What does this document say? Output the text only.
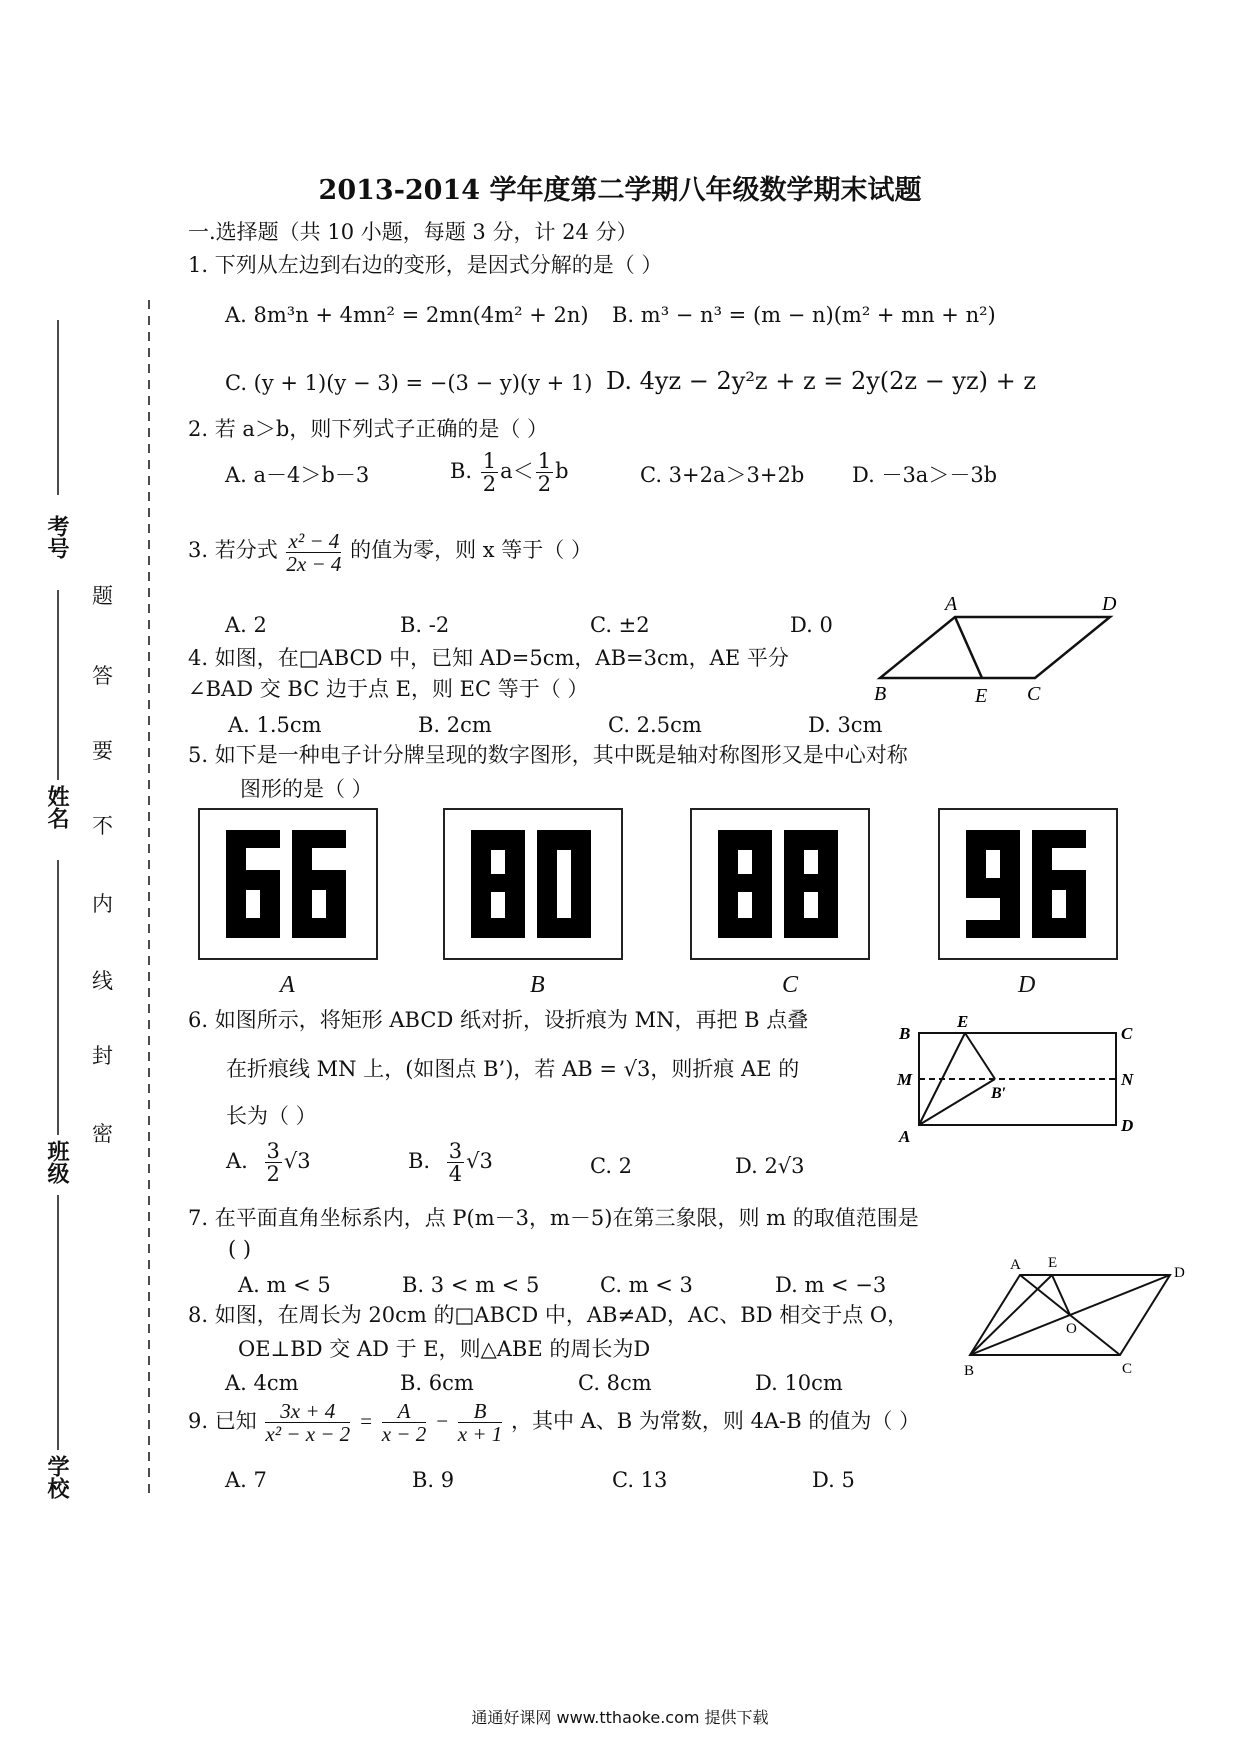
2013-2014 学年度第二学期八年级数学期末试题
一.选择题（共 10 小题，每题 3 分，计 24 分）
考号
姓名
班级
学校
题
答
要
不
内
线
封
密
1. 下列从左边到右边的变形，是因式分解的是（ ）
A. 8m³n + 4mn² = 2mn(4m² + 2n) B. m³ − n³ = (m − n)(m² + mn + n²)
C. (y + 1)(y − 3) = −(3 − y)(y + 1) D. 4yz − 2y²z + z = 2y(2z − yz) + z
2. 若 a＞b，则下列式子正确的是（ ）
A. a－4＞b－3	B. $\frac{1}{2} a< \frac{1}{2}$ b	C. 3+2a＞3+2b D. －3a＞－3b
3. 若分式 $\frac{\text{x² − 4}}{2x - 4}$ 的值为零，则 x 等于（ ）
A. 2	B. -2	C. ±2	D. 0
A	D
B	E C
4. 如图，在□ABCD 中，已知 AD=5cm，AB=3cm，AE 平分
∠BAD 交 BC 边于点 E，则 EC 等于（ ）
A. 1.5cm	B. 2cm	C. 2.5cm	D. 3cm
5. 如下是一种电子计分牌呈现的数字图形，其中既是轴对称图形又是中心对称
图形的是（ ）
A	B	C	D
B
E
C
M	N
B′
A
D
6. 如图所示，将矩形 ABCD 纸对折，设折痕为 MN，再把 B 点叠
在折痕线 MN 上，(如图点 B’)，若 AB = √3，则折痕 AE 的
长为（ ）
A. $\frac{3}{2} √3$	B. $\frac{3}{4} √3$	C. 2	D. 2√3
7. 在平面直角坐标系内，点 P(m－3，m－5)在第三象限，则 m 的取值范围是
( )
A. m < 5	B. 3 < m < 5	C. m < 3	D. m < −3
A E
D
O
B	C
8. 如图，在周长为 20cm 的□ABCD 中，AB≠AD，AC、BD 相交于点 O，
OE⊥BD 交 AD 于 E，则△ABE 的周长为D
A. 4cm	B. 6cm	C. 8cm	D. 10cm
9. 已知 $\frac{3x + 4}{\text{x² − x − 2}} = \frac{A}{x - 2} - \frac{B}{x + 1}$ ，其中 A、B 为常数，则 4A-B 的值为（ ）
A. 7	B. 9	C. 13	D. 5
通通好课网 www.tthaoke.com 提供下载
